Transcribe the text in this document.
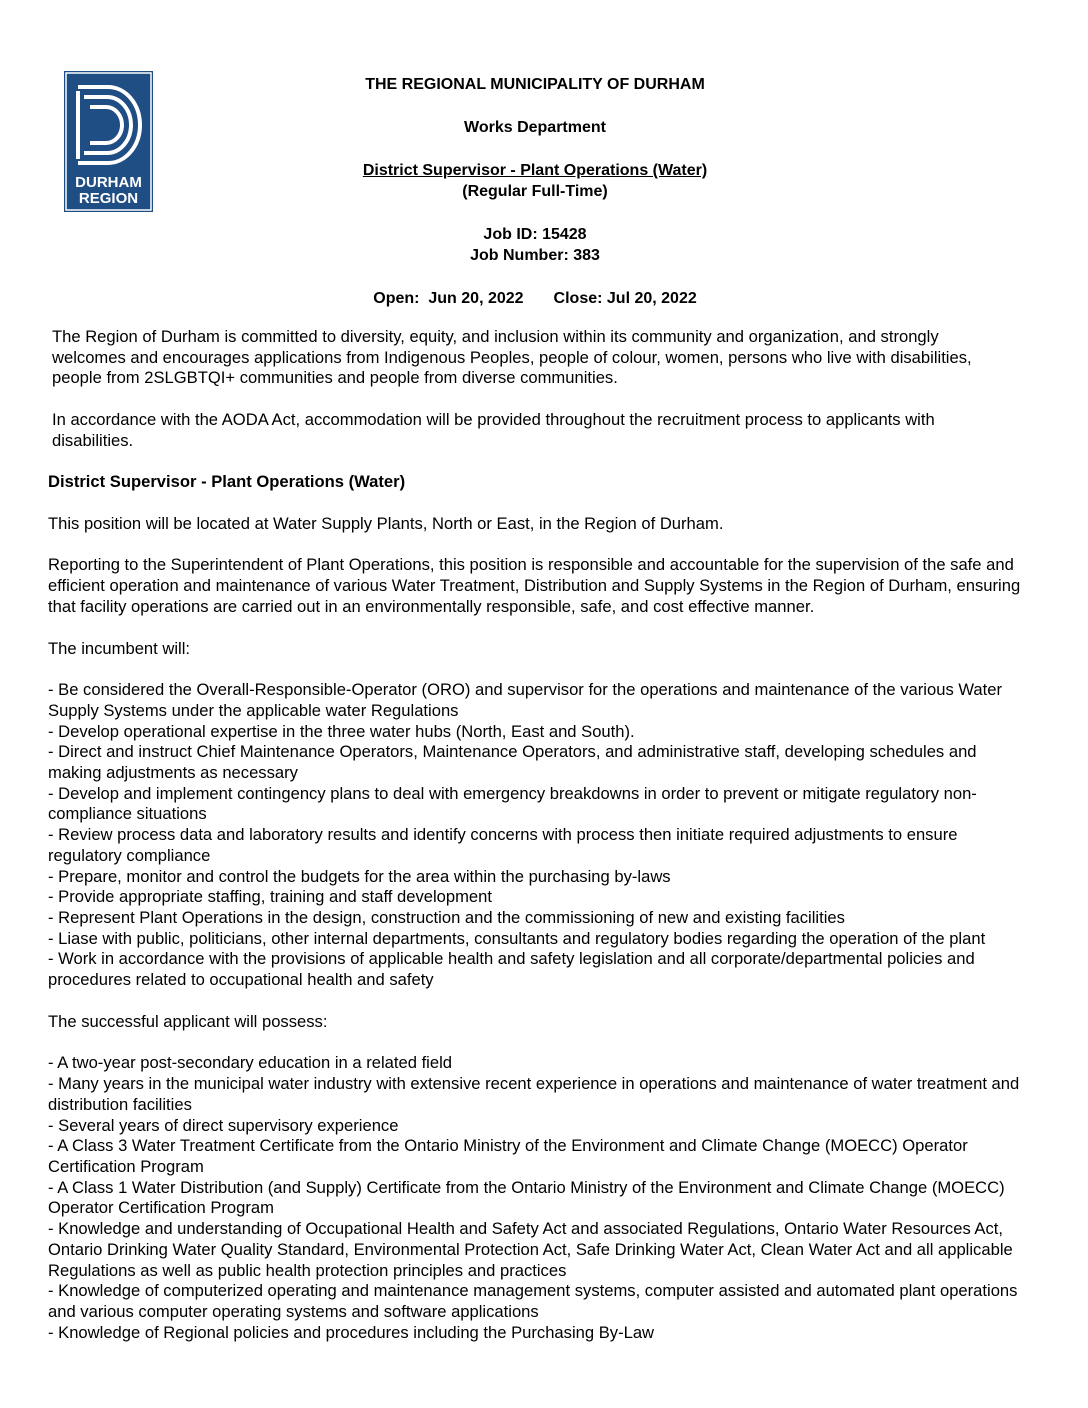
DURHAM
REGION
THE REGIONAL MUNICIPALITY OF DURHAM
Works Department
District Supervisor - Plant Operations (Water)
(Regular Full-Time)
Job ID: 15428
Job Number: 383
Open:  Jun 20, 2022 Close: Jul 20, 2022

The Region of Durham is committed to diversity, equity, and inclusion within its community and organization, and strongly welcomes and encourages applications from Indigenous Peoples, people of colour, women, persons who live with disabilities, people from 2SLGBTQI+ communities and people from diverse communities.

In accordance with the AODA Act, accommodation will be provided throughout the recruitment process to applicants with disabilities.

District Supervisor - Plant Operations (Water)

This position will be located at Water Supply Plants, North or East, in the Region of Durham.

Reporting to the Superintendent of Plant Operations, this position is responsible and accountable for the supervision of the safe and efficient operation and maintenance of various Water Treatment, Distribution and Supply Systems in the Region of Durham, ensuring that facility operations are carried out in an environmentally responsible, safe, and cost effective manner.

The incumbent will:

- Be considered the Overall-Responsible-Operator (ORO) and supervisor for the operations and maintenance of the various Water Supply Systems under the applicable water Regulations
- Develop operational expertise in the three water hubs (North, East and South).
- Direct and instruct Chief Maintenance Operators, Maintenance Operators, and administrative staff, developing schedules and making adjustments as necessary
- Develop and implement contingency plans to deal with emergency breakdowns in order to prevent or mitigate regulatory non-compliance situations
- Review process data and laboratory results and identify concerns with process then initiate required adjustments to ensure regulatory compliance
- Prepare, monitor and control the budgets for the area within the purchasing by-laws
- Provide appropriate staffing, training and staff development
- Represent Plant Operations in the design, construction and the commissioning of new and existing facilities
- Liase with public, politicians, other internal departments, consultants and regulatory bodies regarding the operation of the plant
- Work in accordance with the provisions of applicable health and safety legislation and all corporate/departmental policies and procedures related to occupational health and safety

The successful applicant will possess:

- A two-year post-secondary education in a related field
- Many years in the municipal water industry with extensive recent experience in operations and maintenance of water treatment and distribution facilities
- Several years of direct supervisory experience
- A Class 3 Water Treatment Certificate from the Ontario Ministry of the Environment and Climate Change (MOECC) Operator Certification Program
- A Class 1 Water Distribution (and Supply) Certificate from the Ontario Ministry of the Environment and Climate Change (MOECC) Operator Certification Program
- Knowledge and understanding of Occupational Health and Safety Act and associated Regulations, Ontario Water Resources Act, Ontario Drinking Water Quality Standard, Environmental Protection Act, Safe Drinking Water Act, Clean Water Act and all applicable Regulations as well as public health protection principles and practices
- Knowledge of computerized operating and maintenance management systems, computer assisted and automated plant operations and various computer operating systems and software applications
- Knowledge of Regional policies and procedures including the Purchasing By-Law
